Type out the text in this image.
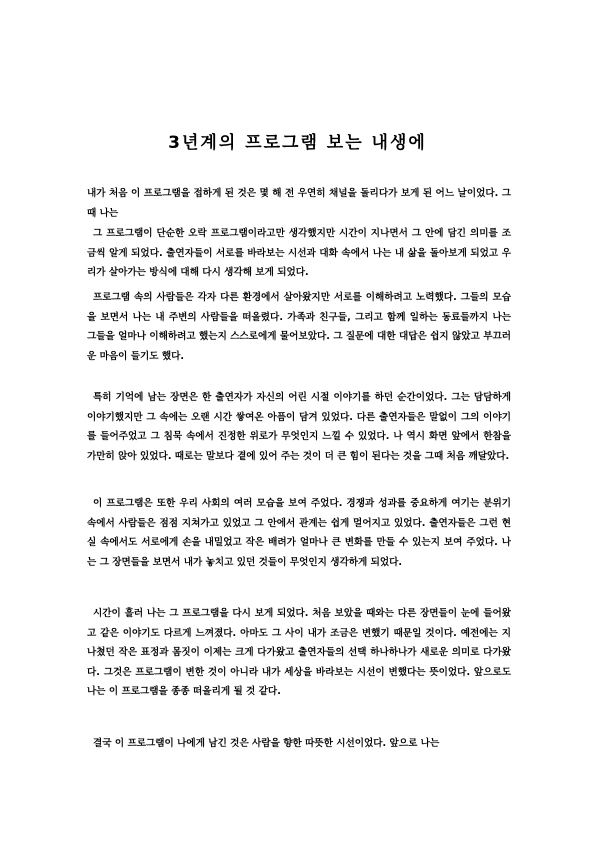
3년계의 프로그램 보는 내생에

내가 처음 이 프로그램을 접하게 된 것은 몇 해 전 우연히 채널을 돌리다가 보게 된 어느 날이었다. 그때 나는

그 프로그램이 단순한 오락 프로그램이라고만 생각했지만 시간이 지나면서 그 안에 담긴 의미를 조금씩 알게 되었다. 출연자들이 서로를 바라보는 시선과 대화 속에서 나는 내 삶을 돌아보게 되었고 우리가 살아가는 방식에 대해 다시 생각해 보게 되었다.

프로그램 속의 사람들은 각자 다른 환경에서 살아왔지만 서로를 이해하려고 노력했다. 그들의 모습을 보면서 나는 내 주변의 사람들을 떠올렸다. 가족과 친구들, 그리고 함께 일하는 동료들까지 나는 그들을 얼마나 이해하려고 했는지 스스로에게 물어보았다. 그 질문에 대한 대답은 쉽지 않았고 부끄러운 마음이 들기도 했다.

특히 기억에 남는 장면은 한 출연자가 자신의 어린 시절 이야기를 하던 순간이었다. 그는 담담하게 이야기했지만 그 속에는 오랜 시간 쌓여온 아픔이 담겨 있었다. 다른 출연자들은 말없이 그의 이야기를 들어주었고 그 침묵 속에서 진정한 위로가 무엇인지 느낄 수 있었다. 나 역시 화면 앞에서 한참을 가만히 앉아 있었다. 때로는 말보다 곁에 있어 주는 것이 더 큰 힘이 된다는 것을 그때 처음 깨달았다.

이 프로그램은 또한 우리 사회의 여러 모습을 보여 주었다. 경쟁과 성과를 중요하게 여기는 분위기 속에서 사람들은 점점 지쳐가고 있었고 그 안에서 관계는 쉽게 멀어지고 있었다. 출연자들은 그런 현실 속에서도 서로에게 손을 내밀었고 작은 배려가 얼마나 큰 변화를 만들 수 있는지 보여 주었다. 나는 그 장면들을 보면서 내가 놓치고 있던 것들이 무엇인지 생각하게 되었다.

시간이 흘러 나는 그 프로그램을 다시 보게 되었다. 처음 보았을 때와는 다른 장면들이 눈에 들어왔고 같은 이야기도 다르게 느껴졌다. 아마도 그 사이 내가 조금은 변했기 때문일 것이다. 예전에는 지나쳤던 작은 표정과 몸짓이 이제는 크게 다가왔고 출연자들의 선택 하나하나가 새로운 의미로 다가왔다. 그것은 프로그램이 변한 것이 아니라 내가 세상을 바라보는 시선이 변했다는 뜻이었다. 앞으로도 나는 이 프로그램을 종종 떠올리게 될 것 같다.

결국 이 프로그램이 나에게 남긴 것은 사람을 향한 따뜻한 시선이었다. 앞으로 나는
